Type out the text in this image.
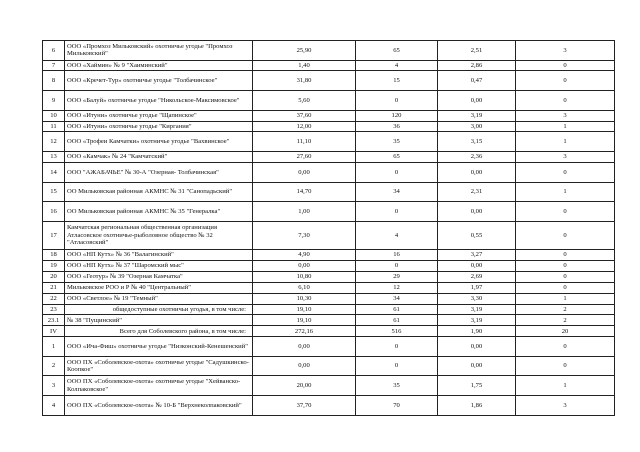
6	ООО «Промхоз Мильковский» охотничье угодье "Промхоз Мильковский"	25,90	65	2,51	3
7	ООО «Хаймин» № 9 "Хаиминский"	1,40	4	2,86	0
8	ООО «Кречет-Тур» охотничье угодье "Толбачинское"	31,80	15	0,47	0
9	ООО «Балуй» охотничье угодье "Никольское-Максимовское"	5,60	0	0,00	0
10	ООО «Итуни» охотничье угодье "Щапинское"	37,60	120	3,19	3
11	ООО «Итуни» охотничье угодье "Киргания"	12,00	36	3,00	1
12	ООО «Трофеи Камчатки» охотничье угодье "Вахвинское"	11,10	35	3,15	1
13	ООО «Камчак» № 24 "Камчатский"	27,60	65	2,36	3
14	ООО "АЖАБАЧЬЕ" № 30-А "Озерная- Толбачинская"	0,00	0	0,00	0
15	ОО Мильковская районная АКМНС № 31 "Санопадьский"	14,70	34	2,31	1
16	ОО Мильковская районная АКМНС № 35 "Генералка"	1,00	0	0,00	0
17	Камчатская региональная общественная организация Атласовское охотничье-рыболовное общество № 32 "Атласовский"	7,30	4	0,55	0
18	ООО «НП Кутх» № 36 "Валагинский"	4,90	16	3,27	0
19	ООО «НП Кутх» № 37 "Шаромский мыс"	0,00	0	0,00	0
20	ООО «Геотур» № 39 "Озерная Камчатка"	10,80	29	2,69	0
21	Мильковское РОО и Р № 40 "Центральный"	6,10	12	1,97	0
22	ООО «Светлое» № 19 "Темный"	10,30	34	3,30	1
23	общедоступные охотничьи угодья, в том числе:	19,10	61	3,19	2
23.1	№ 38 "Пущинский"	19,10	61	3,19	2
IV	Всего для Соболевского района, в том числе:	272,16	516	1,90	20
1	ООО «Ича-Фиш» охотничье угодье "Низконский-Кенешенский"	0,00	0	0,00	0
2	ООО ПХ «Соболевское-охота» охотничье угодье "Садушкинско-Коопкое"	0,00	0	0,00	0
3	ООО ПХ «Соболевское-охота» охотничье угодье "Хейванско-Колпаковское"	20,00	35	1,75	1
4	ООО ПХ «Соболевское-охота» № 10-Б "Верхнеколпаковский"	37,70	70	1,86	3
